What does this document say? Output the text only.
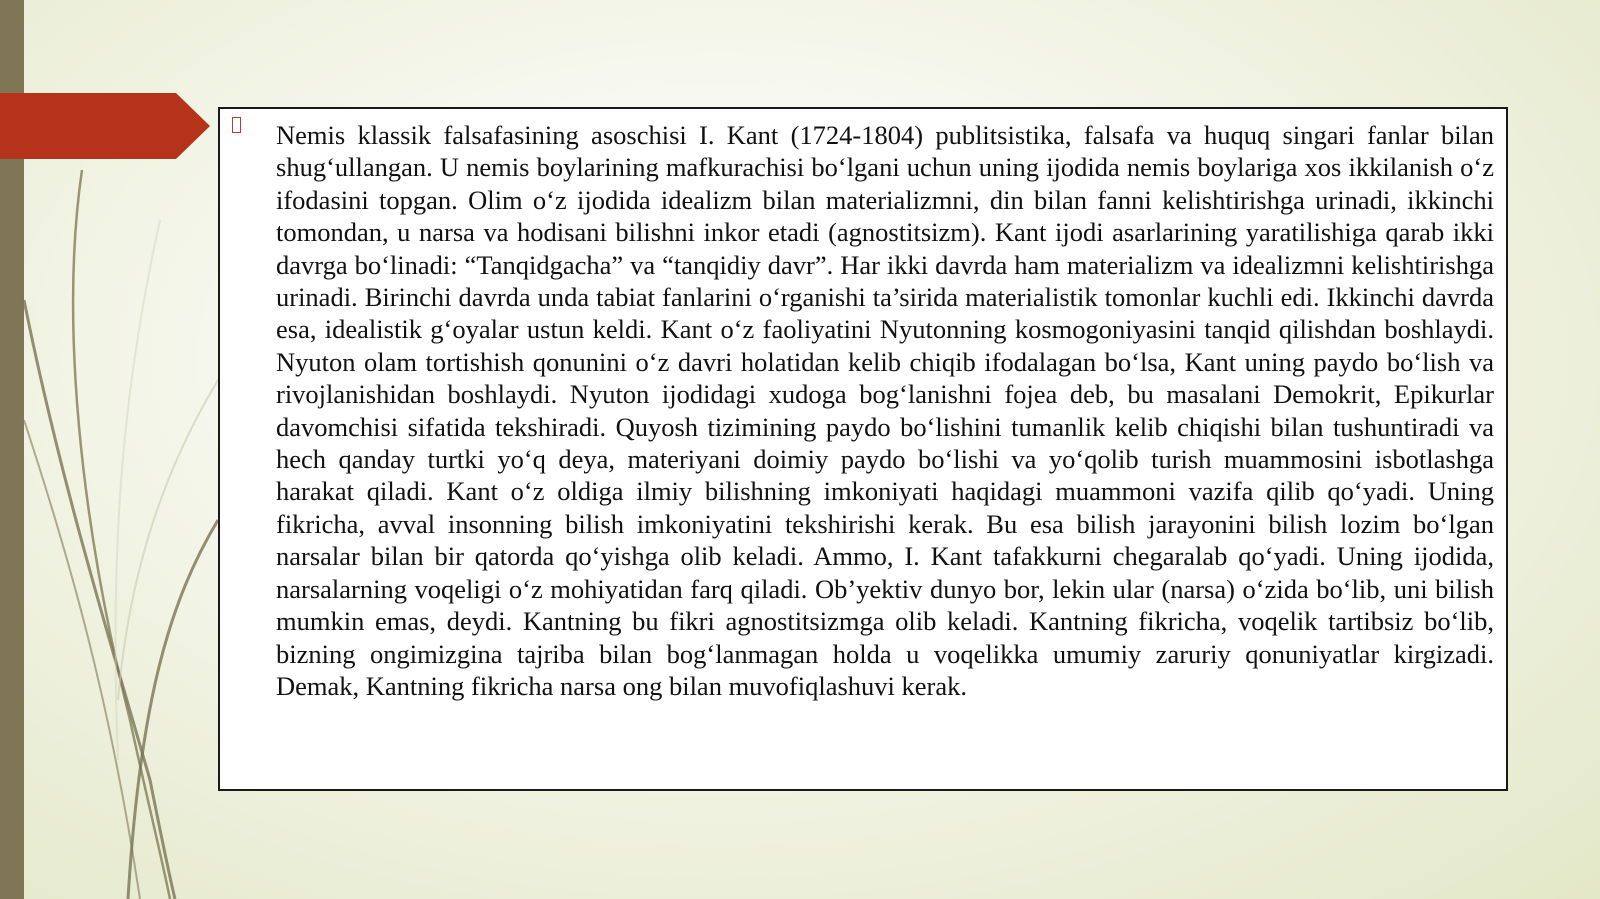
Nemis klassik falsafasining asoschisi I. Kant (1724-1804) publitsistika, falsafa va huquq singari fanlar bilan shug‘ullangan. U nemis boylarining mafkurachisi bo‘lgani uchun uning ijodida nemis boylariga xos ikkilanish o‘z ifodasini topgan. Olim o‘z ijodida idealizm bilan materializmni, din bilan fanni kelishtirishga urinadi, ikkinchi tomondan, u narsa va hodisani bilishni inkor etadi (agnostitsizm). Kant ijodi asarlarining yaratilishiga qarab ikki davrga bo‘linadi: “Tanqidgacha” va “tanqidiy davr”. Har ikki davrda ham materializm va idealizmni kelishtirishga urinadi. Birinchi davrda unda tabiat fanlarini o‘rganishi ta’sirida materialistik tomonlar kuchli edi. Ikkinchi davrda esa, idealistik g‘oyalar ustun keldi. Kant o‘z faoliyatini Nyutonning kosmogoniyasini tanqid qilishdan boshlaydi. Nyuton olam tortishish qonunini o‘z davri holatidan kelib chiqib ifodalagan bo‘lsa, Kant uning paydo bo‘lish va rivojlanishidan boshlaydi. Nyuton ijodidagi xudoga bog‘lanishni fojea deb, bu masalani Demokrit, Epikurlar davomchisi sifatida tekshiradi. Quyosh tizimining paydo bo‘lishini tumanlik kelib chiqishi bilan tushuntiradi va hech qanday turtki yo‘q deya, materiyani doimiy paydo bo‘lishi va yo‘qolib turish muammosini isbotlashga harakat qiladi. Kant o‘z oldiga ilmiy bilishning imkoniyati haqidagi muammoni vazifa qilib qo‘yadi. Uning fikricha, avval insonning bilish imkoniyatini tekshirishi kerak. Bu esa bilish jarayonini bilish lozim bo‘lgan narsalar bilan bir qatorda qo‘yishga olib keladi. Ammo, I. Kant tafakkurni chegaralab qo‘yadi. Uning ijodida, narsalarning voqeligi o‘z mohiyatidan farq qiladi. Ob’yektiv dunyo bor, lekin ular (narsa) o‘zida bo‘lib, uni bilish mumkin emas, deydi. Kantning bu fikri agnostitsizmga olib keladi. Kantning fikricha, voqelik tartibsiz bo‘lib, bizning ongimizgina tajriba bilan bog‘lanmagan holda u voqelikka umumiy zaruriy qonuniyatlar kirgizadi. Demak, Kantning fikricha narsa ong bilan muvofiqlashuvi kerak.
